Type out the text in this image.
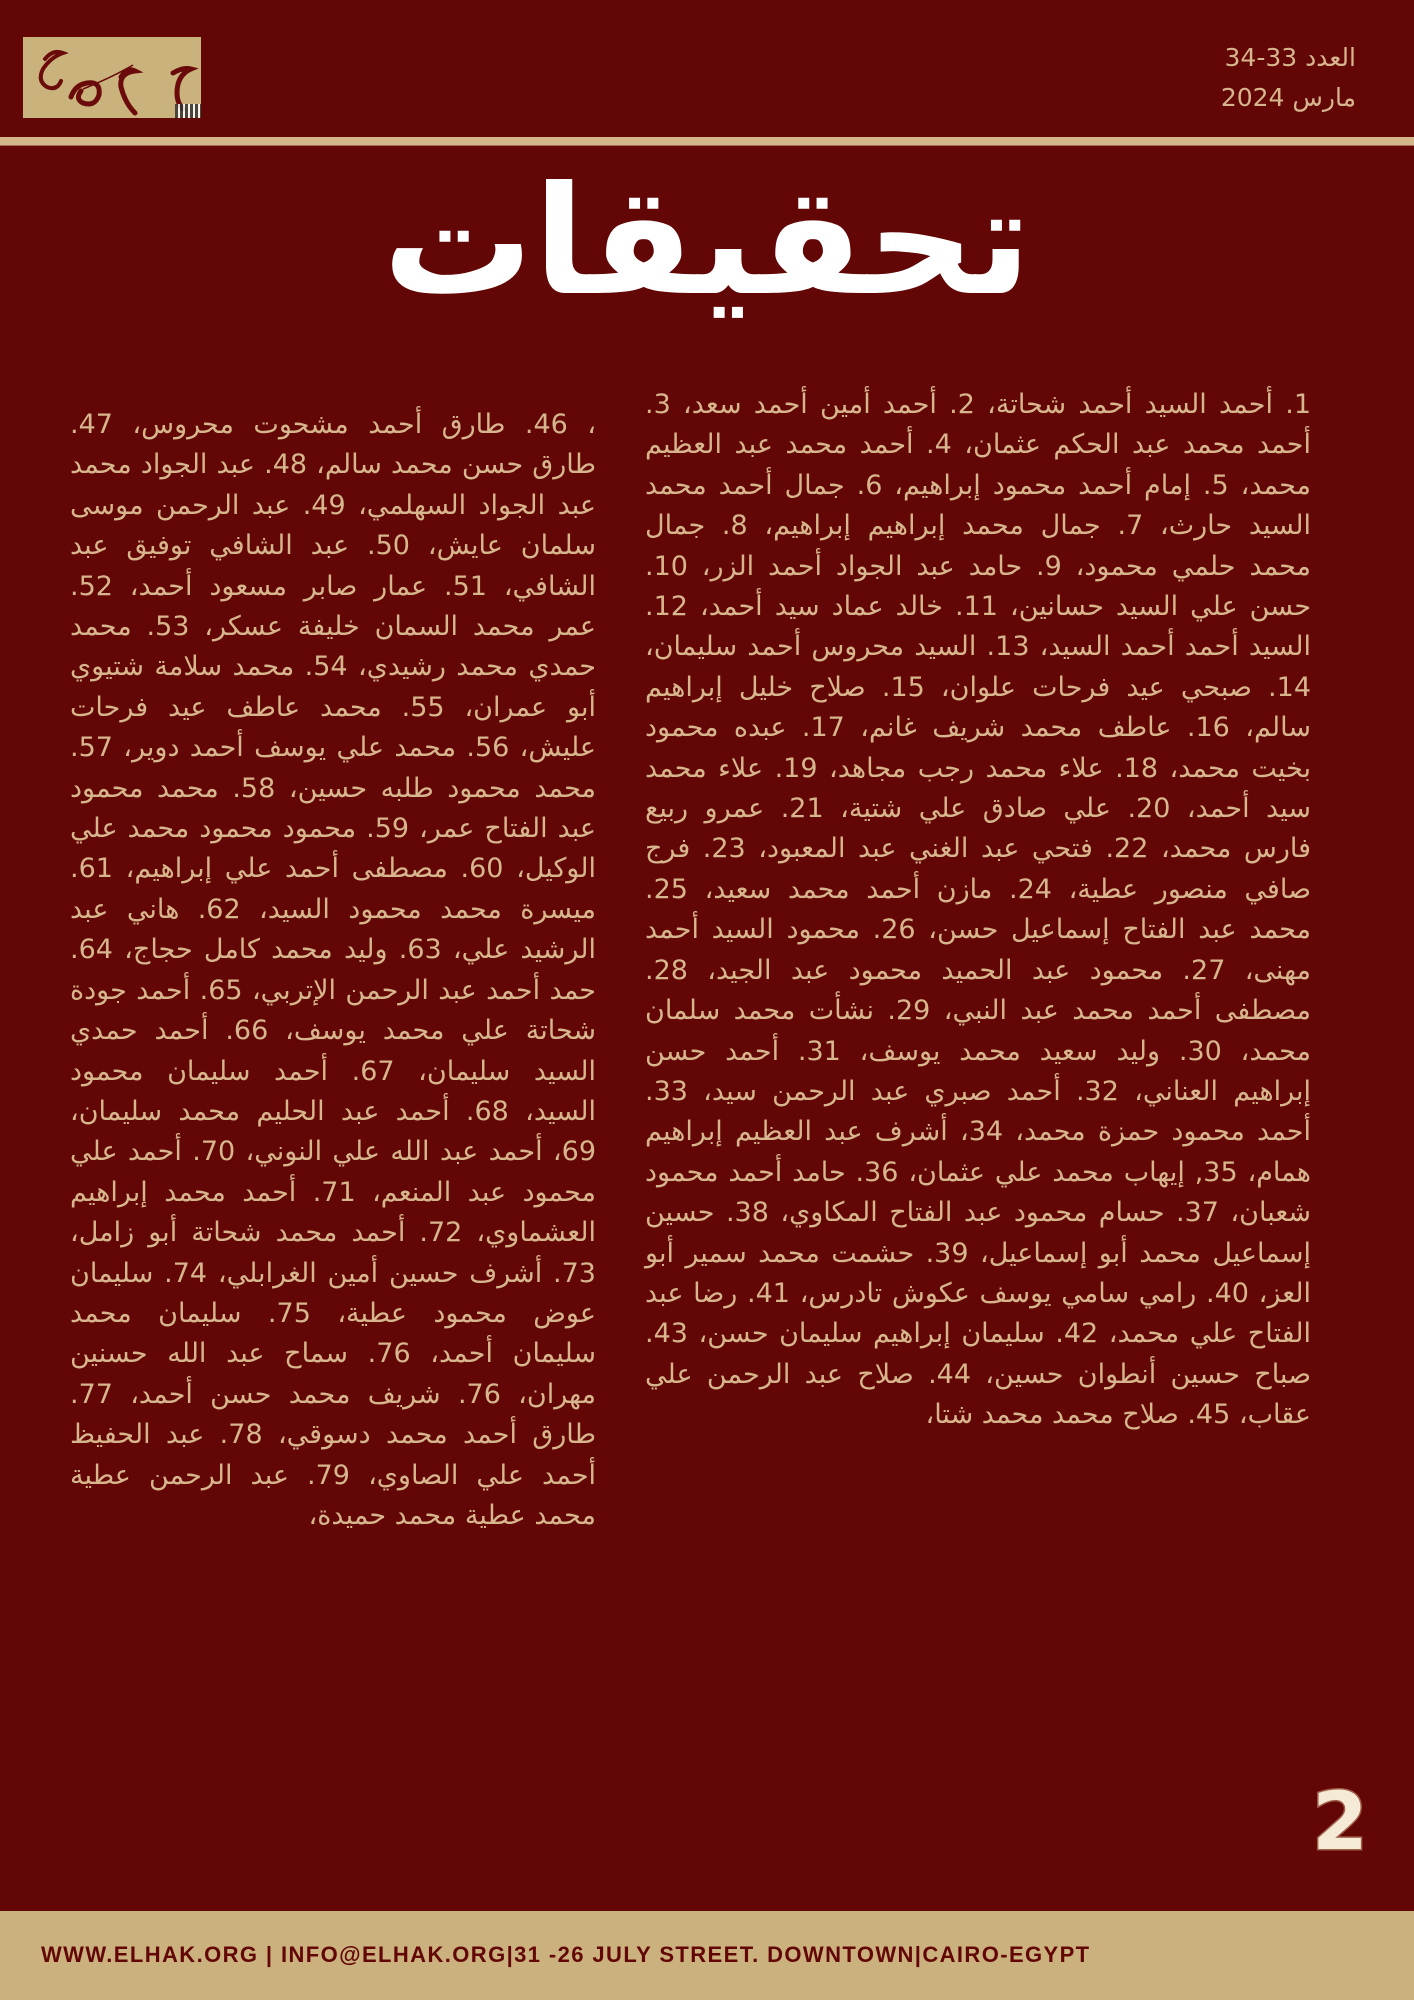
العدد 33-34
مارس 2024
تحقيقات
1. أحمد السيد أحمد شحاتة، 2. أحمد أمين أحمد سعد، 3. أحمد محمد عبد الحكم عثمان، 4. أحمد محمد عبد العظيم محمد، 5. إمام أحمد محمود إبراهيم، 6. جمال أحمد محمد السيد حارث، 7. جمال محمد إبراهيم إبراهيم، 8. جمال محمد حلمي محمود، 9. حامد عبد الجواد أحمد الزر، 10. حسن علي السيد حسانين، 11. خالد عماد سيد أحمد، 12. السيد أحمد أحمد السيد، 13. السيد محروس أحمد سليمان، 14. صبحي عيد فرحات علوان، 15. صلاح خليل إبراهيم سالم، 16. عاطف محمد شريف غانم، 17. عبده محمود بخيت محمد، 18. علاء محمد رجب مجاهد، 19. علاء محمد سيد أحمد، 20. علي صادق علي شتية، 21. عمرو ربيع فارس محمد، 22. فتحي عبد الغني عبد المعبود، 23. فرج صافي منصور عطية، 24. مازن أحمد محمد سعيد، 25. محمد عبد الفتاح إسماعيل حسن، 26. محمود السيد أحمد مهنى، 27. محمود عبد الحميد محمود عبد الجيد، 28. مصطفى أحمد محمد عبد النبي، 29. نشأت محمد سلمان محمد، 30. وليد سعيد محمد يوسف، 31. أحمد حسن إبراهيم العناني، 32. أحمد صبري عبد الرحمن سيد، 33. أحمد محمود حمزة محمد، 34، أشرف عبد العظيم إبراهيم همام، 35, إيهاب محمد علي عثمان، 36. حامد أحمد محمود شعبان، 37. حسام محمود عبد الفتاح المكاوي، 38. حسين إسماعيل محمد أبو إسماعيل، 39. حشمت محمد سمير أبو العز، 40. رامي سامي يوسف عكوش تادرس، 41. رضا عبد الفتاح علي محمد، 42. سليمان إبراهيم سليمان حسن، 43. صباح حسين أنطوان حسين، 44. صلاح عبد الرحمن علي عقاب، 45. صلاح محمد محمد شتا،
، 46. طارق أحمد مشحوت محروس، 47. طارق حسن محمد سالم، 48. عبد الجواد محمد عبد الجواد السهلمي، 49. عبد الرحمن موسى سلمان عايش، 50. عبد الشافي توفيق عبد الشافي، 51. عمار صابر مسعود أحمد، 52. عمر محمد السمان خليفة عسكر، 53. محمد حمدي محمد رشيدي، 54. محمد سلامة شتيوي أبو عمران، 55. محمد عاطف عيد فرحات عليش، 56. محمد علي يوسف أحمد دوير، 57. محمد محمود طلبه حسين، 58. محمد محمود عبد الفتاح عمر، 59. محمود محمود محمد علي الوكيل، 60. مصطفى أحمد علي إبراهيم، 61. ميسرة محمد محمود السيد، 62. هاني عبد الرشيد علي، 63. وليد محمد كامل حجاج، 64. حمد أحمد عبد الرحمن الإتربي، 65. أحمد جودة شحاتة علي محمد يوسف، 66. أحمد حمدي السيد سليمان، 67. أحمد سليمان محمود السيد، 68. أحمد عبد الحليم محمد سليمان، 69، أحمد عبد الله علي النوني، 70. أحمد علي محمود عبد المنعم، 71. أحمد محمد إبراهيم العشماوي، 72. أحمد محمد شحاتة أبو زامل، 73. أشرف حسين أمين الغرابلي، 74. سليمان عوض محمود عطية، 75. سليمان محمد سليمان أحمد، 76. سماح عبد الله حسنين مهران، 76. شريف محمد حسن أحمد، 77. طارق أحمد محمد دسوقي، 78. عبد الحفيظ أحمد علي الصاوي، 79. عبد الرحمن عطية محمد عطية محمد حميدة،
2
WWW.ELHAK.ORG | INFO@ELHAK.ORG|31 -26 JULY STREET. DOWNTOWN|CAIRO-EGYPT
